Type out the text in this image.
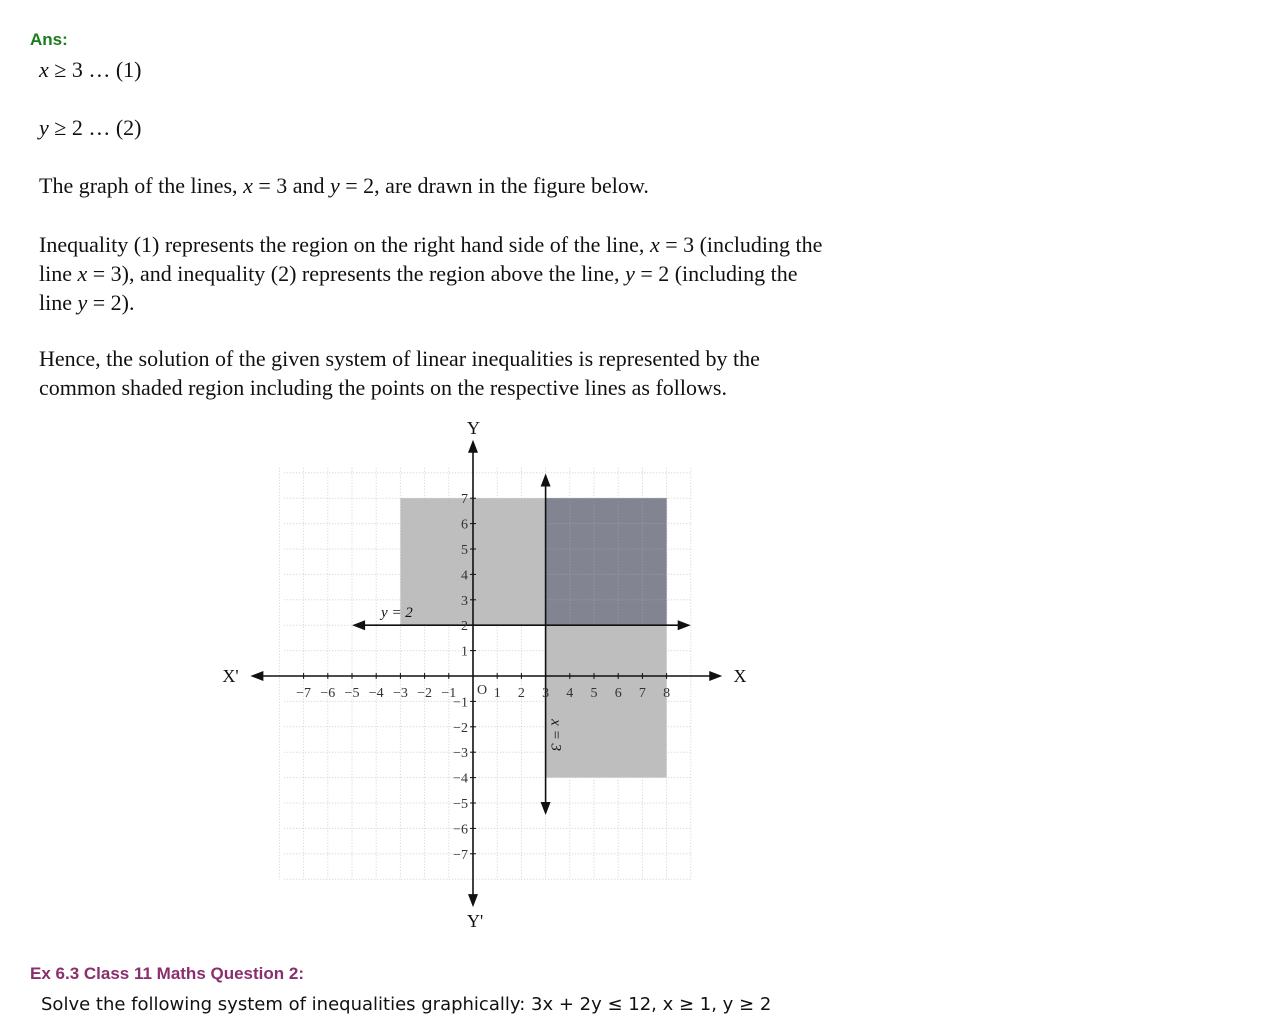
Ans:
x ≥ 3 … (1)
y ≥ 2 … (2)
The graph of the lines, x = 3 and y = 2, are drawn in the figure below.
Inequality (1) represents the region on the right hand side of the line, x = 3 (including the
line x = 3), and inequality (2) represents the region above the line, y = 2 (including the
line y = 2).
Hence, the solution of the given system of linear inequalities is represented by the
common shaded region including the points on the respective lines as follows.
−7 −6 −5 −4 −3 −2 −1	1 2 3 4 5 6 7 8
−7
−6
−5
−4
−3
−2
−1
1
2
3
4
5
6
7
O
X
X'
Y
Y'
y = 2
x = 3
Ex 6.3 Class 11 Maths Question 2:
Solve the following system of inequalities graphically: 3x + 2y ≤ 12, x ≥ 1, y ≥ 2
